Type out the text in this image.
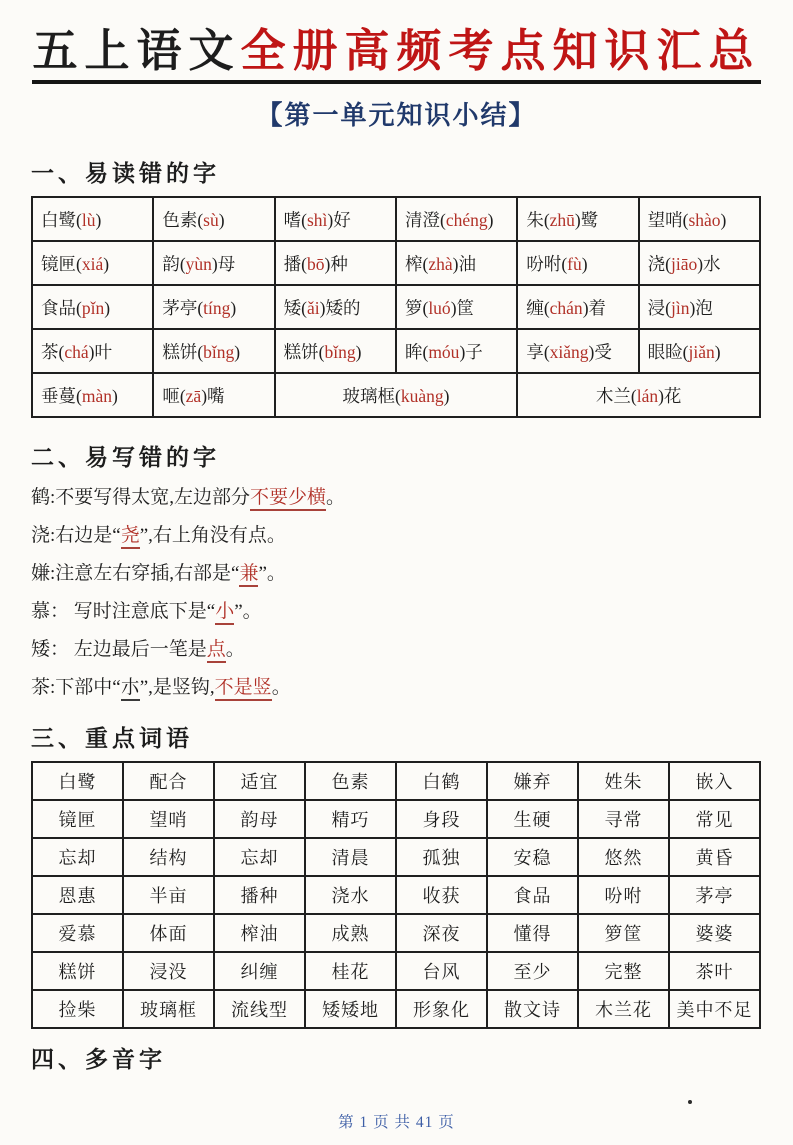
五上语文全册高频考点知识汇总
【第一单元知识小结】
一、易读错的字
白鹭(lù)	色素(sù)	嗜(shì)好	清澄(chéng)	朱(zhū)鹭	望哨(shào)
镜匣(xiá)	韵(yùn)母	播(bō)种	榨(zhà)油	吩咐(fù)	浇(jiāo)水
食品(pǐn)	茅亭(tíng)	矮(ǎi)矮的	箩(luó)筐	缠(chán)着	浸(jìn)泡
茶(chá)叶	糕饼(bǐng)	糕饼(bǐng)	眸(móu)子	享(xiǎng)受	眼睑(jiǎn)
垂蔓(màn)	咂(zā)嘴	玻璃框(kuàng)		木兰(lán)花	
二、易写错的字
鹤:不要写得太宽,左边部分不要少横。
浇:右边是“尧”,右上角没有点。
嫌:注意左右穿插,右部是“兼”。
慕： 写时注意底下是“小”。
矮： 左边最后一笔是点。
茶:下部中“朩”,是竖钩,不是竖。
三、重点词语
白鹭	配合	适宜	色素	白鹤	嫌弃	姓朱	嵌入
镜匣	望哨	韵母	精巧	身段	生硬	寻常	常见
忘却	结构	忘却	清晨	孤独	安稳	悠然	黄昏
恩惠	半亩	播种	浇水	收获	食品	吩咐	茅亭
爱慕	体面	榨油	成熟	深夜	懂得	箩筐	婆婆
糕饼	浸没	纠缠	桂花	台风	至少	完整	茶叶
捡柴	玻璃框	流线型	矮矮地	形象化	散文诗	木兰花	美中不足
四、多音字
第 1 页 共 41 页
